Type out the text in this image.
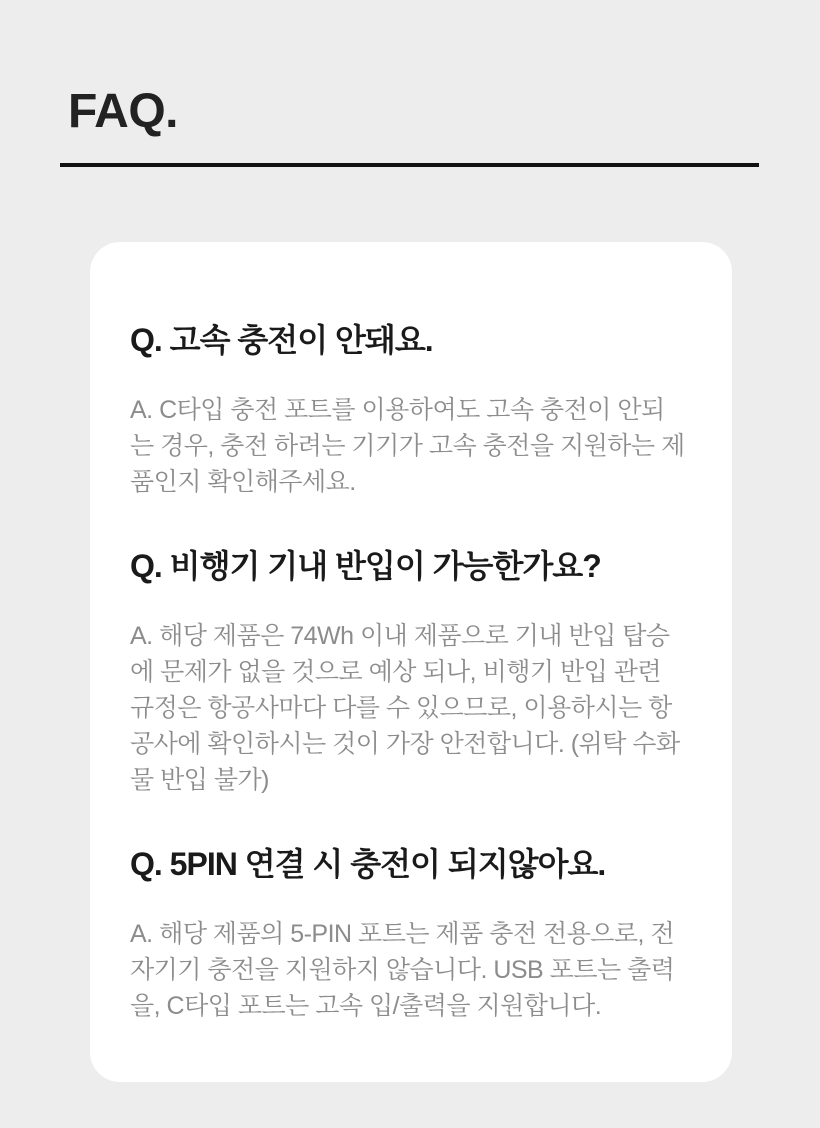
FAQ.
Q. 고속 충전이 안돼요.

A. C타입 충전 포트를 이용하여도 고속 충전이 안되는 경우, 충전 하려는 기기가 고속 충전을 지원하는 제품인지 확인해주세요.

Q. 비행기 기내 반입이 가능한가요?

A. 해당 제품은 74Wh 이내 제품으로 기내 반입 탑승에 문제가 없을 것으로 예상 되나, 비행기 반입 관련 규정은 항공사마다 다를 수 있으므로, 이용하시는 항공사에 확인하시는 것이 가장 안전합니다. (위탁 수화물 반입 불가)

Q. 5PIN 연결 시 충전이 되지않아요.

A. 해당 제품의 5-PIN 포트는 제품 충전 전용으로, 전자기기 충전을 지원하지 않습니다. USB 포트는 출력을, C타입 포트는 고속 입/출력을 지원합니다.
